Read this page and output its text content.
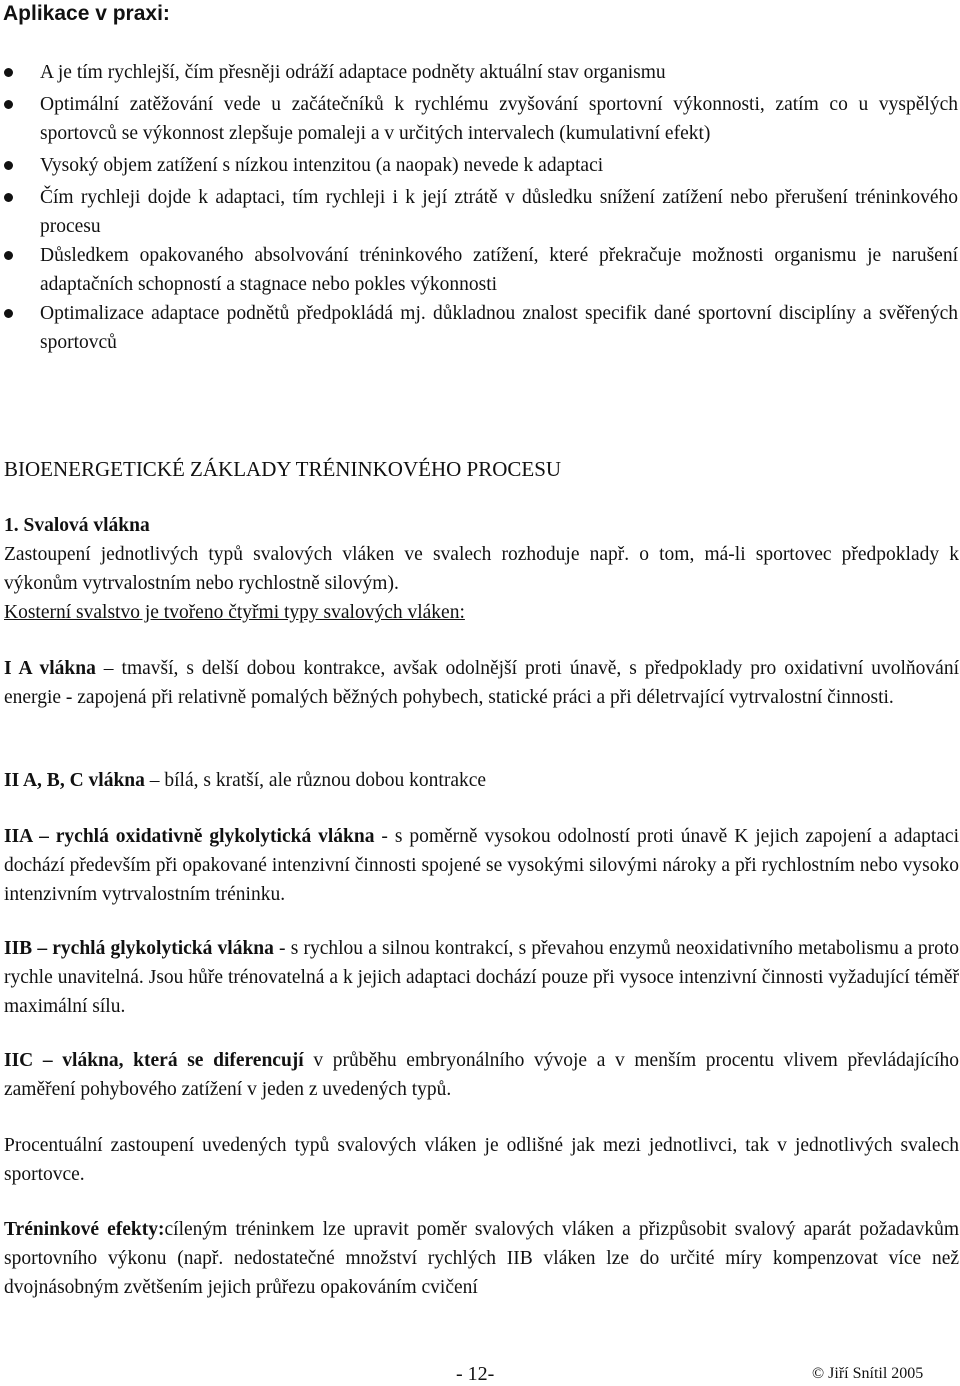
Aplikace v praxi:
A je tím rychlejší, čím přesněji odráží adaptace podněty aktuální stav organismu
Optimální zatěžování vede u začátečníků k rychlému zvyšování sportovní výkonnosti, zatím co u vyspělých sportovců se výkonnost zlepšuje pomaleji a v určitých intervalech (kumulativní efekt)
Vysoký objem zatížení s nízkou intenzitou (a naopak) nevede k adaptaci
Čím rychleji dojde k adaptaci, tím rychleji i k její ztrátě v důsledku snížení zatížení nebo přerušení tréninkového procesu
Důsledkem opakovaného absolvování tréninkového zatížení, které překračuje možnosti organismu je narušení adaptačních schopností a stagnace nebo pokles výkonnosti
Optimalizace adaptace podnětů předpokládá mj. důkladnou znalost specifik dané sportovní disciplíny a svěřených sportovců
BIOENERGETICKÉ ZÁKLADY TRÉNINKOVÉHO PROCESU
1. Svalová vlákna

Zastoupení jednotlivých typů svalových vláken ve svalech rozhoduje např. o tom, má-li sportovec předpoklady k výkonům vytrvalostním nebo rychlostně silovým).

Kosterní svalstvo je tvořeno čtyřmi typy svalových vláken:

I A vlákna – tmavší, s delší dobou kontrakce, avšak odolnější proti únavě, s předpoklady pro oxidativní uvolňování energie - zapojená při relativně pomalých běžných pohybech, statické práci a při déletrvající vytrvalostní činnosti.

II A, B, C vlákna – bílá, s kratší, ale různou dobou kontrakce

IIA – rychlá oxidativně glykolytická vlákna - s poměrně vysokou odolností proti únavě K jejich zapojení a adaptaci dochází především při opakované intenzivní činnosti spojené se vysokými silovými nároky a při rychlostním nebo vysoko intenzivním vytrvalostním tréninku.

IIB – rychlá glykolytická vlákna - s rychlou a silnou kontrakcí, s převahou enzymů neoxidativního metabolismu a proto rychle unavitelná. Jsou hůře trénovatelná a k jejich adaptaci dochází pouze při vysoce intenzivní činnosti vyžadující téměř maximální sílu.

IIC – vlákna, která se diferencují v průběhu embryonálního vývoje a v menším procentu vlivem převládajícího zaměření pohybového zatížení v jeden z uvedených typů.

Procentuální zastoupení uvedených typů svalových vláken je odlišné jak mezi jednotlivci, tak v jednotlivých svalech sportovce.

Tréninkové efekty:cíleným tréninkem lze upravit poměr svalových vláken a přizpůsobit svalový aparát požadavkům sportovního výkonu (např. nedostatečné množství rychlých IIB vláken lze do určité míry kompenzovat více než dvojnásobným zvětšením jejich průřezu opakováním cvičení

- 12-	© Jiří Snítil 2005
